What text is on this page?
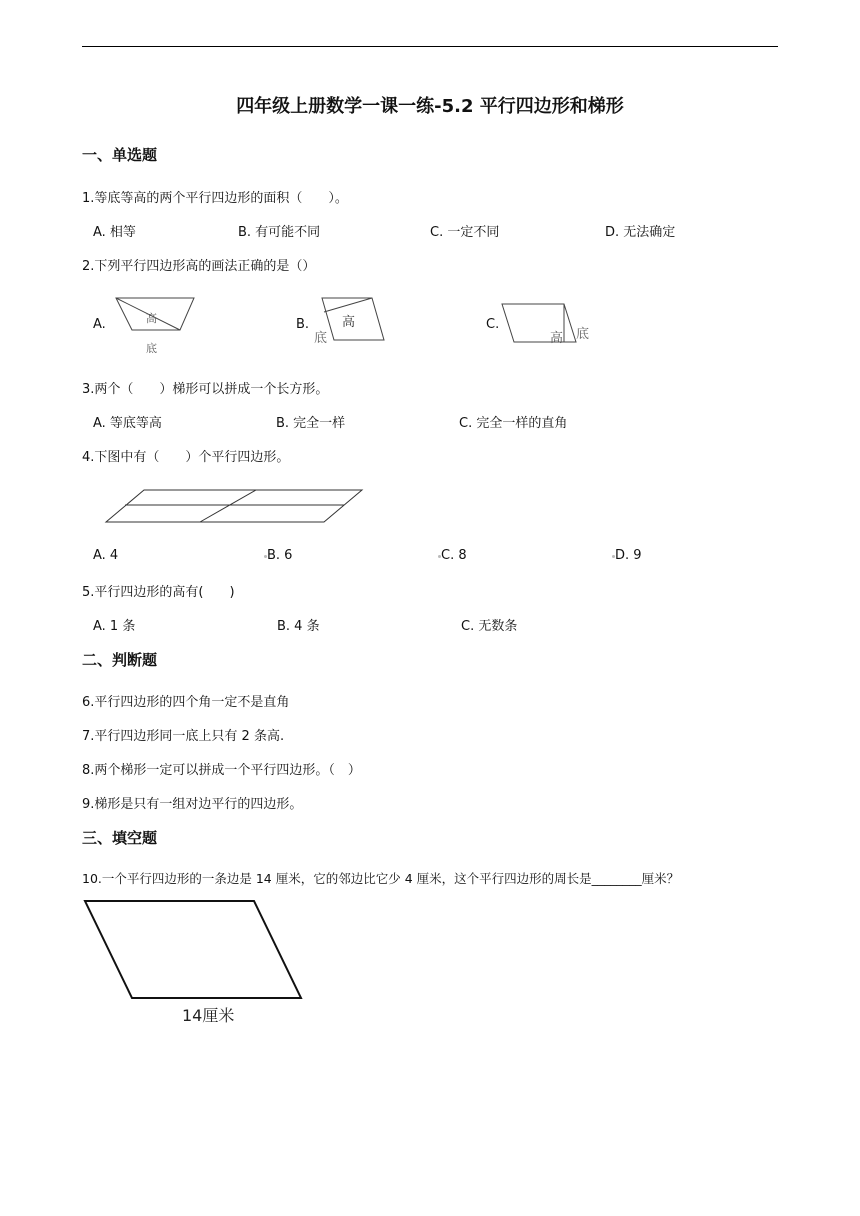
四年级上册数学一课一练-5.2 平行四边形和梯形
一、单选题
1.等底等高的两个平行四边形的面积（　　）。
A. 相等	B. 有可能不同	C. 一定不同	D. 无法确定
2.下列平行四边形高的画法正确的是（）
A.	高
底
B.	高
底
C.
高 底
3.两个（　　）梯形可以拼成一个长方形。
A. 等底等高	B. 完全一样	C. 完全一样的直角
4.下图中有（　　）个平行四边形。
A. 4	B. 6	C. 8	D. 9
5.平行四边形的高有(　　)
A. 1 条	B. 4 条	C. 无数条
二、判断题
6.平行四边形的四个角一定不是直角
7.平行四边形同一底上只有 2 条高.
8.两个梯形一定可以拼成一个平行四边形。（　）
9.梯形是只有一组对边平行的四边形。
三、填空题
10.一个平行四边形的一条边是 14 厘米，它的邻边比它少 4 厘米，这个平行四边形的周长是________厘米？
14厘米
